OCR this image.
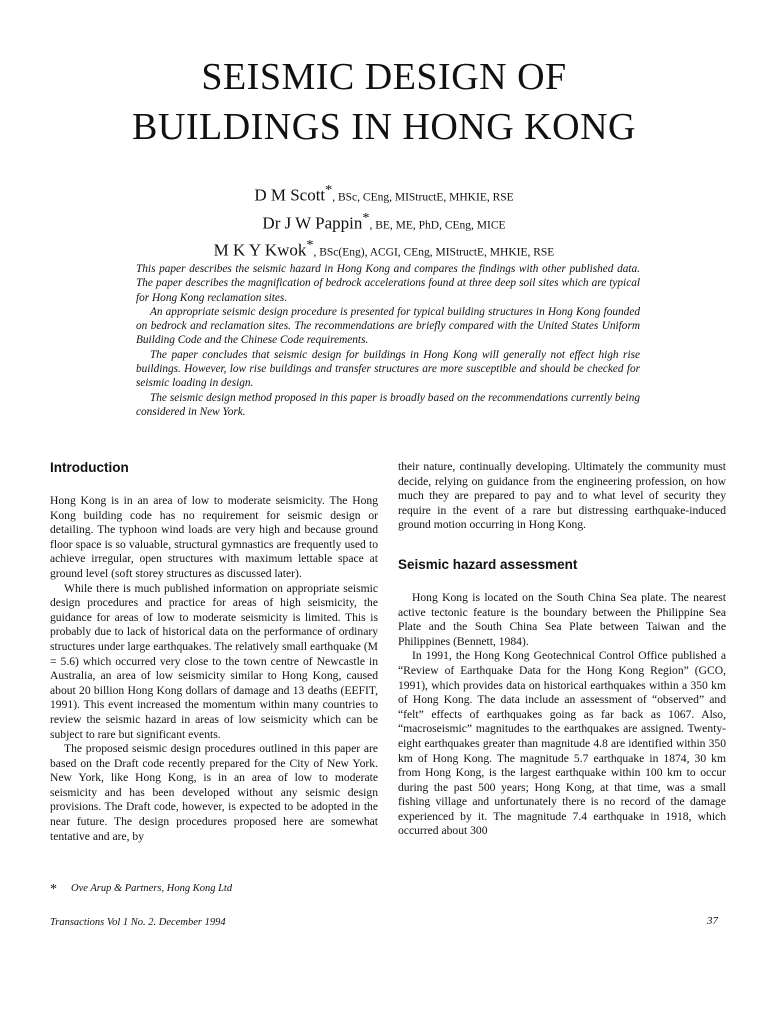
SEISMIC DESIGN OF
BUILDINGS IN HONG KONG
D M Scott*, BSc, CEng, MIStructE, MHKIE, RSE
Dr J W Pappin*, BE, ME, PhD, CEng, MICE
M K Y Kwok*, BSc(Eng), ACGI, CEng, MIStructE, MHKIE, RSE

This paper describes the seismic hazard in Hong Kong and compares the findings with other published data. The paper describes the magnification of bedrock accelerations found at three deep soil sites which are typical for Hong Kong reclamation sites.

An appropriate seismic design procedure is presented for typical building structures in Hong Kong founded on bedrock and reclamation sites. The recommendations are briefly compared with the United States Uniform Building Code and the Chinese Code requirements.

The paper concludes that seismic design for buildings in Hong Kong will generally not effect high rise buildings. However, low rise buildings and transfer structures are more susceptible and should be checked for seismic loading in design.

The seismic design method proposed in this paper is broadly based on the recommendations currently being considered in New York.

Introduction

Hong Kong is in an area of low to moderate seismicity. The Hong Kong building code has no requirement for seismic design or detailing. The typhoon wind loads are very high and because ground floor space is so valuable, structural gymnastics are frequently used to achieve irregular, open structures with maximum lettable space at ground level (soft storey structures as discussed later).

While there is much published information on appropriate seismic design procedures and practice for areas of high seismicity, the guidance for areas of low to moderate seismicity is limited. This is probably due to lack of historical data on the performance of ordinary structures under large earthquakes. The relatively small earthquake (M = 5.6) which occurred very close to the town centre of Newcastle in Australia, an area of low seismicity similar to Hong Kong, caused about 20 billion Hong Kong dollars of damage and 13 deaths (EEFIT, 1991). This event increased the momentum within many countries to review the seismic hazard in areas of low seismicity which can be subject to rare but significant events.

The proposed seismic design procedures outlined in this paper are based on the Draft code recently prepared for the City of New York. New York, like Hong Kong, is in an area of low to moderate seismicity and has been developed without any seismic design provisions. The Draft code, however, is expected to be adopted in the near future. The design procedures proposed here are somewhat tentative and are, by

their nature, continually developing. Ultimately the community must decide, relying on guidance from the engineering profession, on how much they are prepared to pay and to what level of security they require in the event of a rare but distressing earthquake-induced ground motion occurring in Hong Kong.

Seismic hazard assessment

Hong Kong is located on the South China Sea plate. The nearest active tectonic feature is the boundary between the Philippine Sea Plate and the South China Sea Plate between Taiwan and the Philippines (Bennett, 1984).

In 1991, the Hong Kong Geotechnical Control Office published a “Review of Earthquake Data for the Hong Kong Region” (GCO, 1991), which provides data on historical earthquakes within a 350 km of Hong Kong. The data include an assessment of “observed” and “felt” effects of earthquakes going as far back as 1067. Also, “macroseismic” magnitudes to the earthquakes are assigned. Twenty-eight earthquakes greater than magnitude 4.8 are identified within 350 km of Hong Kong. The magnitude 5.7 earthquake in 1874, 30 km from Hong Kong, is the largest earthquake within 100 km to occur during the past 500 years; Hong Kong, at that time, was a small fishing village and unfortunately there is no record of the damage experienced by it. The magnitude 7.4 earthquake in 1918, which occurred about 300

* Ove Arup & Partners, Hong Kong Ltd
Transactions Vol 1 No. 2. December 1994	37
